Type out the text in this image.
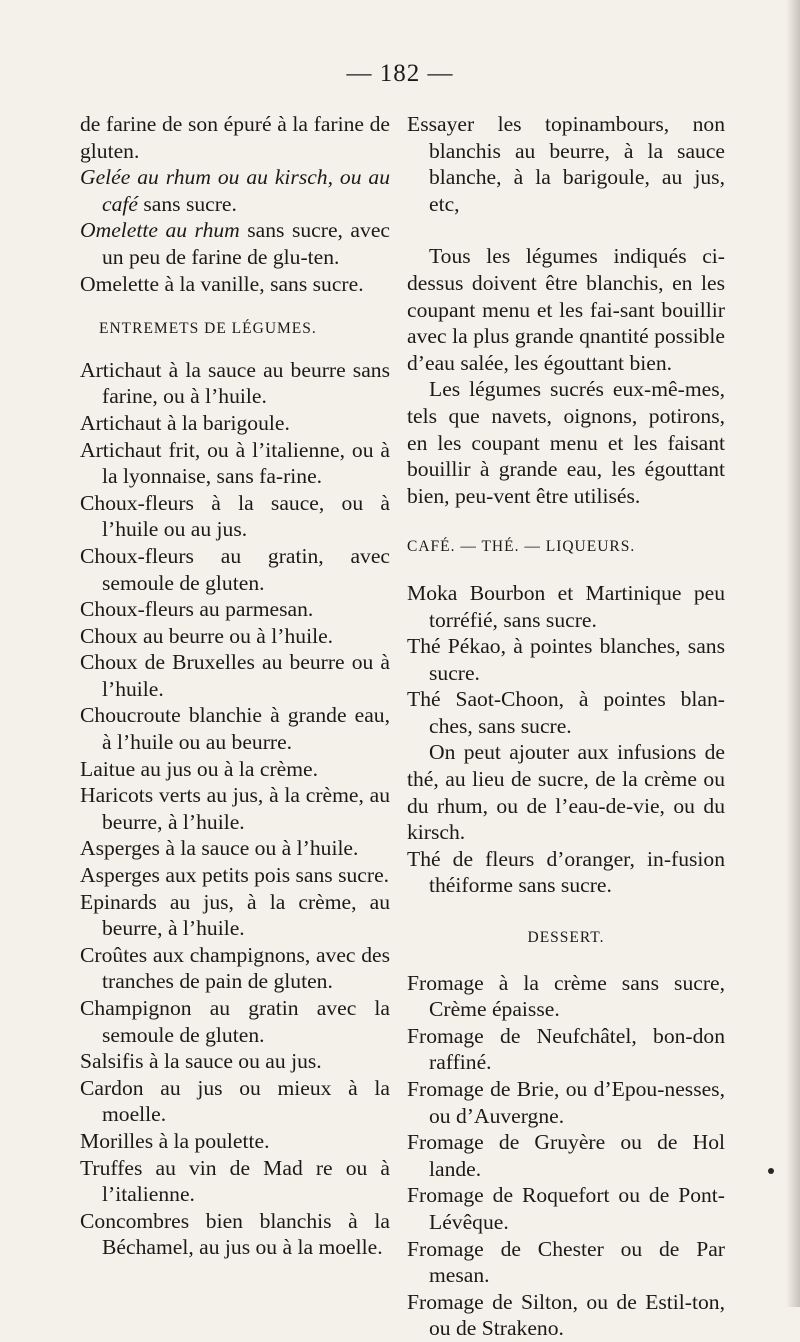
— 182 —

de farine de son épuré à la farine de gluten.

Gelée au rhum ou au kirsch, ou au café sans sucre.

Omelette au rhum sans sucre, avec un peu de farine de glu-ten.

Omelette à la vanille, sans sucre.

ENTREMETS DE LÉGUMES.

Artichaut à la sauce au beurre sans farine, ou à l’huile.

Artichaut à la barigoule.

Artichaut frit, ou à l’italienne, ou à la lyonnaise, sans fa-rine.

Choux-fleurs à la sauce, ou à l’huile ou au jus.

Choux-fleurs au gratin, avec semoule de gluten.

Choux-fleurs au parmesan.

Choux au beurre ou à l’huile.

Choux de Bruxelles au beurre ou à l’huile.

Choucroute blanchie à grande eau, à l’huile ou au beurre.

Laitue au jus ou à la crème.

Haricots verts au jus, à la crème, au beurre, à l’huile.

Asperges à la sauce ou à l’huile.

Asperges aux petits pois sans sucre.

Epinards au jus, à la crème, au beurre, à l’huile.

Croûtes aux champignons, avec des tranches de pain de gluten.

Champignon au gratin avec la semoule de gluten.

Salsifis à la sauce ou au jus.

Cardon au jus ou mieux à la moelle.

Morilles à la poulette.

Truffes au vin de Mad re ou à l’italienne.

Concombres bien blanchis à la Béchamel, au jus ou à la moelle.

Essayer les topinambours, non blanchis au beurre, à la sauce blanche, à la barigoule, au jus, etc,

Tous les légumes indiqués ci-dessus doivent être blanchis, en les coupant menu et les fai-sant bouillir avec la plus grande qnantité possible d’eau salée, les égouttant bien.

Les légumes sucrés eux-mê-mes, tels que navets, oignons, potirons, en les coupant menu et les faisant bouillir à grande eau, les égouttant bien, peu-vent être utilisés.

CAFÉ. — THÉ. — LIQUEURS.

Moka Bourbon et Martinique peu torréfié, sans sucre.

Thé Pékao, à pointes blanches, sans sucre.

Thé Saot-Choon, à pointes blan-ches, sans sucre.

On peut ajouter aux infusions de thé, au lieu de sucre, de la crème ou du rhum, ou de l’eau-de-vie, ou du kirsch.

Thé de fleurs d’oranger, in-fusion théiforme sans sucre.

DESSERT.

Fromage à la crème sans sucre, Crème épaisse.

Fromage de Neufchâtel, bon-don raffiné.

Fromage de Brie, ou d’Epou-nesses, ou d’Auvergne.

Fromage de Gruyère ou de Hol lande.

Fromage de Roquefort ou de Pont-Lévêque.

Fromage de Chester ou de Par mesan.

Fromage de Silton, ou de Estil-ton, ou de Strakeno.
